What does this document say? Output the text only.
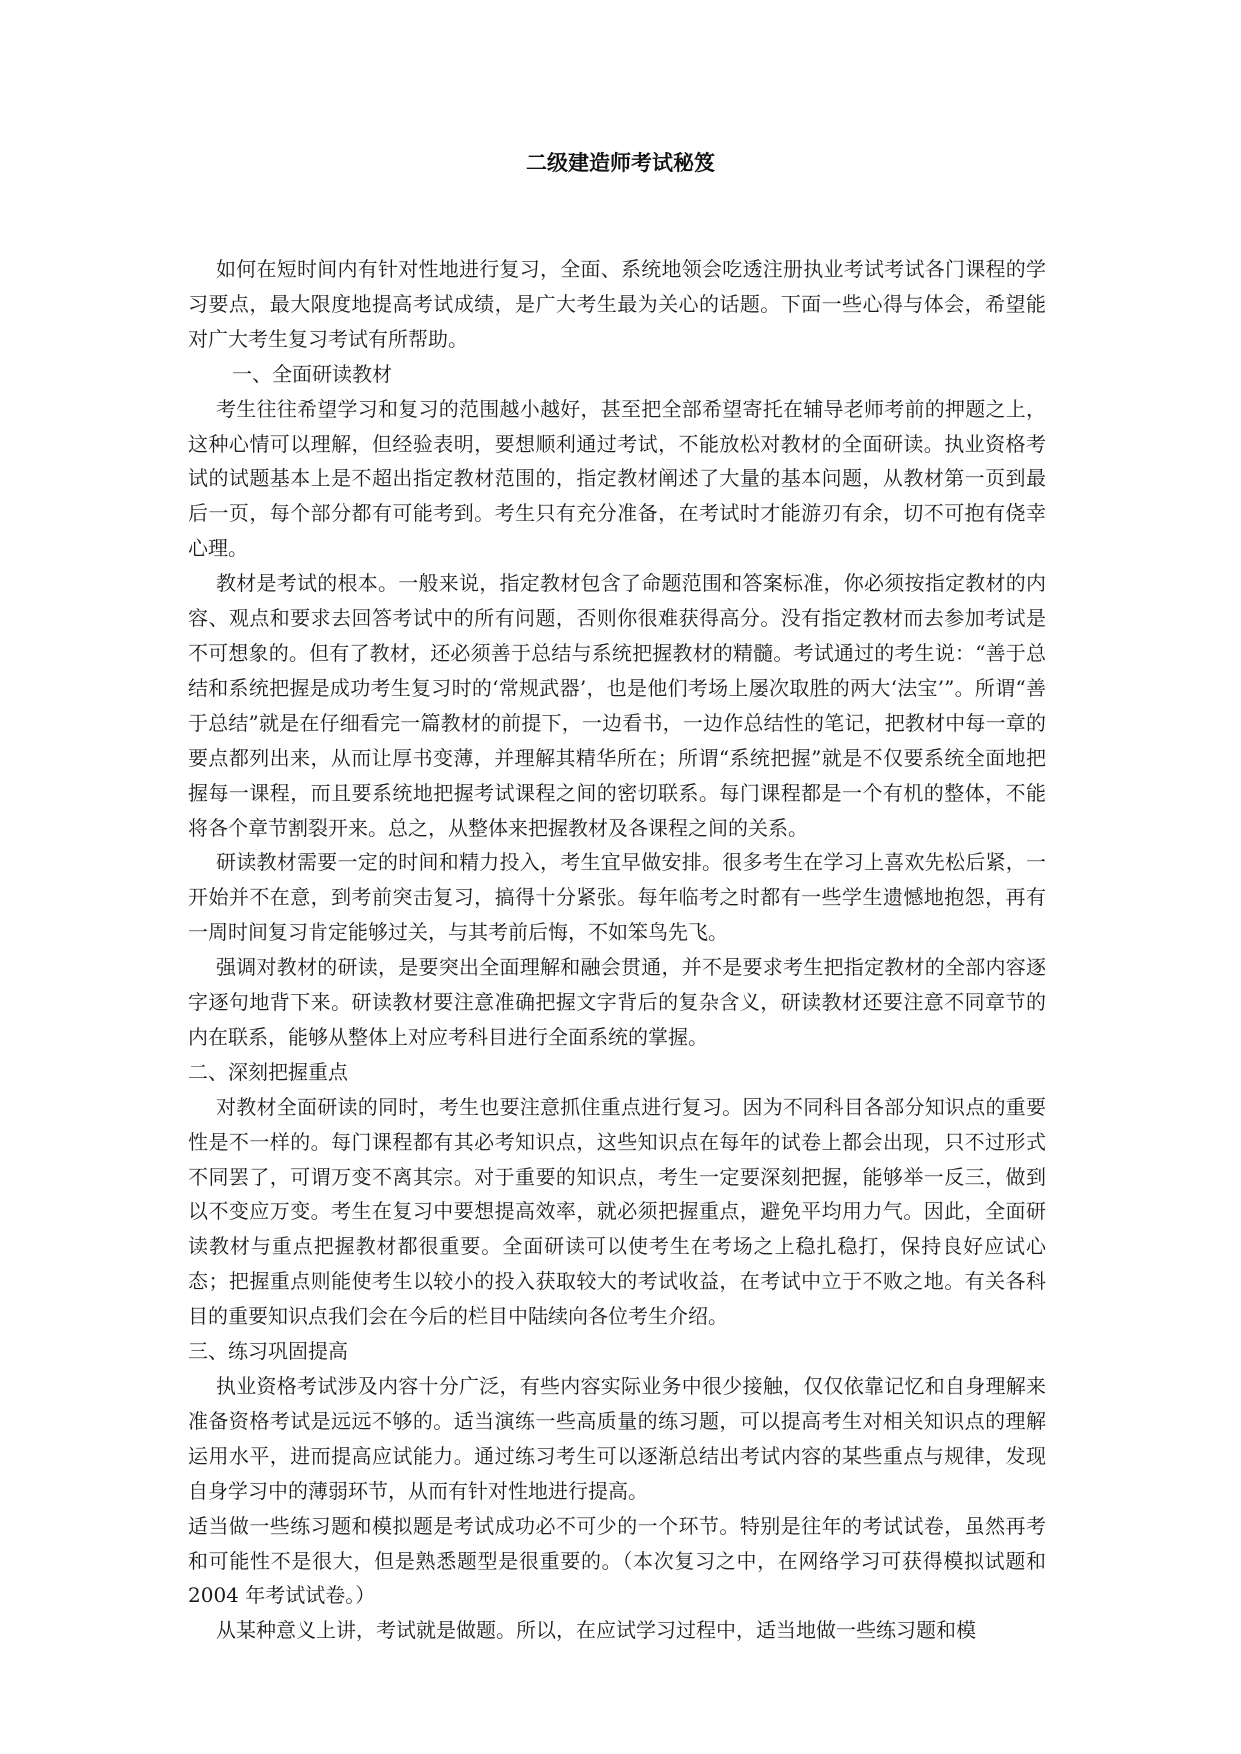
二级建造师考试秘笈

如何在短时间内有针对性地进行复习，全面、系统地领会吃透注册执业考试考试各门课程的学习要点，最大限度地提高考试成绩，是广大考生最为关心的话题。下面一些心得与体会，希望能对广大考生复习考试有所帮助。

一、全面研读教材

考生往往希望学习和复习的范围越小越好，甚至把全部希望寄托在辅导老师考前的押题之上，这种心情可以理解，但经验表明，要想顺利通过考试，不能放松对教材的全面研读。执业资格考试的试题基本上是不超出指定教材范围的，指定教材阐述了大量的基本问题，从教材第一页到最后一页，每个部分都有可能考到。考生只有充分准备，在考试时才能游刃有余，切不可抱有侥幸心理。

教材是考试的根本。一般来说，指定教材包含了命题范围和答案标准，你必须按指定教材的内容、观点和要求去回答考试中的所有问题，否则你很难获得高分。没有指定教材而去参加考试是不可想象的。但有了教材，还必须善于总结与系统把握教材的精髓。考试通过的考生说：“善于总结和系统把握是成功考生复习时的‘常规武器’，也是他们考场上屡次取胜的两大‘法宝’”。所谓“善于总结”就是在仔细看完一篇教材的前提下，一边看书，一边作总结性的笔记，把教材中每一章的要点都列出来，从而让厚书变薄，并理解其精华所在；所谓“系统把握”就是不仅要系统全面地把握每一课程，而且要系统地把握考试课程之间的密切联系。每门课程都是一个有机的整体，不能将各个章节割裂开来。总之，从整体来把握教材及各课程之间的关系。

研读教材需要一定的时间和精力投入，考生宜早做安排。很多考生在学习上喜欢先松后紧，一开始并不在意，到考前突击复习，搞得十分紧张。每年临考之时都有一些学生遗憾地抱怨，再有一周时间复习肯定能够过关，与其考前后悔，不如笨鸟先飞。

强调对教材的研读，是要突出全面理解和融会贯通，并不是要求考生把指定教材的全部内容逐字逐句地背下来。研读教材要注意准确把握文字背后的复杂含义，研读教材还要注意不同章节的内在联系，能够从整体上对应考科目进行全面系统的掌握。

二、深刻把握重点

对教材全面研读的同时，考生也要注意抓住重点进行复习。因为不同科目各部分知识点的重要性是不一样的。每门课程都有其必考知识点，这些知识点在每年的试卷上都会出现，只不过形式不同罢了，可谓万变不离其宗。对于重要的知识点，考生一定要深刻把握，能够举一反三，做到以不变应万变。考生在复习中要想提高效率，就必须把握重点，避免平均用力气。因此，全面研读教材与重点把握教材都很重要。全面研读可以使考生在考场之上稳扎稳打，保持良好应试心态；把握重点则能使考生以较小的投入获取较大的考试收益，在考试中立于不败之地。有关各科目的重要知识点我们会在今后的栏目中陆续向各位考生介绍。

三、练习巩固提高

执业资格考试涉及内容十分广泛，有些内容实际业务中很少接触，仅仅依靠记忆和自身理解来准备资格考试是远远不够的。适当演练一些高质量的练习题，可以提高考生对相关知识点的理解运用水平，进而提高应试能力。通过练习考生可以逐渐总结出考试内容的某些重点与规律，发现自身学习中的薄弱环节，从而有针对性地进行提高。

适当做一些练习题和模拟题是考试成功必不可少的一个环节。特别是往年的考试试卷，虽然再考和可能性不是很大，但是熟悉题型是很重要的。（本次复习之中，在网络学习可获得模拟试题和 2004 年考试试卷。）

从某种意义上讲，考试就是做题。所以，在应试学习过程中，适当地做一些练习题和模
